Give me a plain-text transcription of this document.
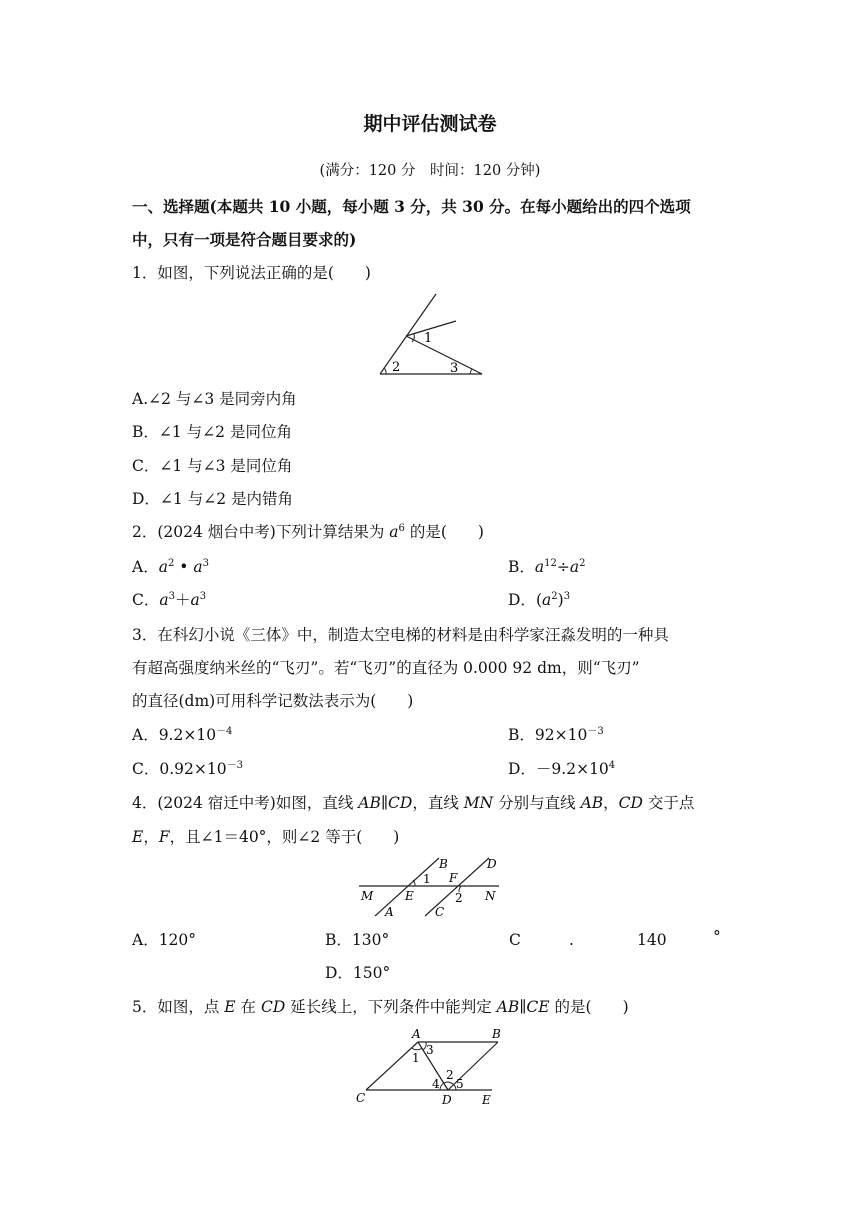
期中评估测试卷
(满分：120 分　时间：120 分钟)
一、选择题(本题共 10 小题，每小题 3 分，共 30 分。在每小题给出的四个选项
中，只有一项是符合题目要求的)
1．如图，下列说法正确的是(　　)
1
2	3
A.∠2 与∠3 是同旁内角
B．∠1 与∠2 是同位角
C．∠1 与∠3 是同位角
D．∠1 与∠2 是内错角
2．(2024 烟台中考)下列计算结果为 $a^6$ 的是(　　)
A．$a^2$ • $a^3$	B．$a^{12}\div a^2$
C．$a^3+a^3$	D．$(a^2)^3$
3．在科幻小说《三体》中，制造太空电梯的材料是由科学家汪淼发明的一种具
有超高强度纳米丝的“飞刃”。若“飞刃”的直径为 0.000 92 dm，则“飞刃”
的直径(dm)可用科学记数法表示为(　　)
A．$9.2\times 10^{-4}$	B．$92\times 10^{-3}$
C．$0.92\times 10^{-3}$	D．$-9.2\times 10^4$
4．(2024 宿迁中考)如图，直线 AB∥CD，直线 MN 分别与直线 AB，CD 交于点
E，F，且∠1＝40°，则∠2 等于(　　)
M	N
A
B
C
D
E
F
1
2
A．120°	B．130°	C	.	140	°
D．150°
5．如图，点 E 在 CD 延长线上，下列条件中能判定 AB∥CE 的是(　　)
A	B
C	D	E
1
2
3
4 5
